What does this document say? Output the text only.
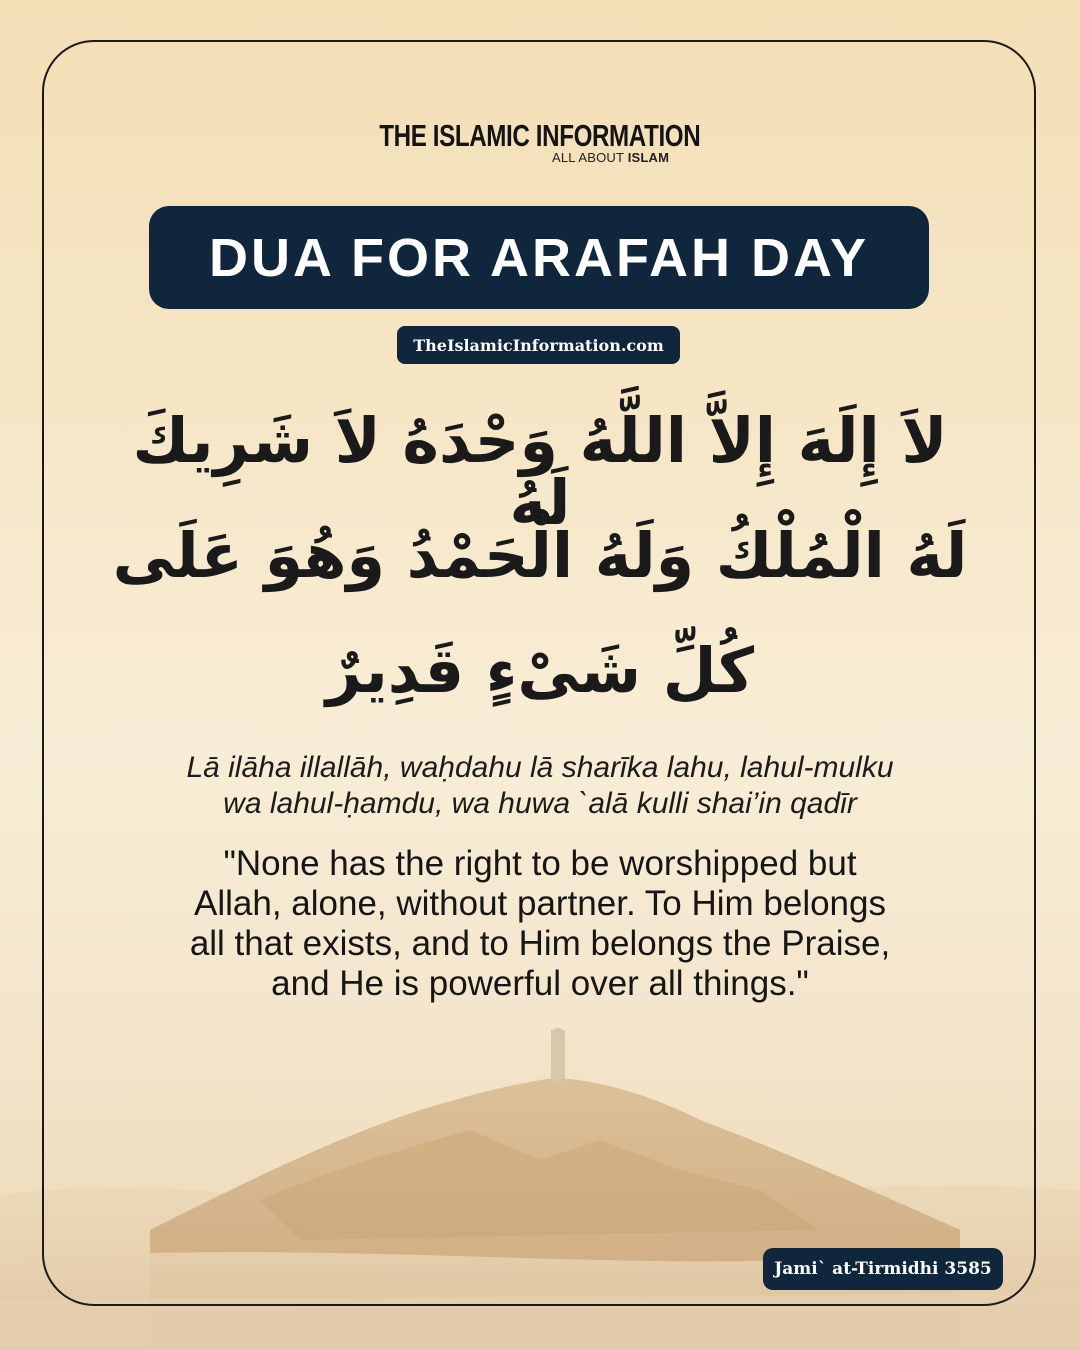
THE ISLAMIC INFORMATION
ALL ABOUT ISLAM
DUA FOR ARAFAH DAY
TheIslamicInformation.com
لاَ إِلَهَ إِلاَّ اللَّهُ وَحْدَهُ لاَ شَرِيكَ لَهُ
لَهُ الْمُلْكُ وَلَهُ الْحَمْدُ وَهُوَ عَلَى
كُلِّ شَىْءٍ قَدِيرٌ
Lā ilāha illallāh, waḥdahu lā sharīka lahu, lahul-mulku
wa lahul-ḥamdu, wa huwa `alā kulli shai’in qadīr
"None has the right to be worshipped but
Allah, alone, without partner. To Him belongs
all that exists, and to Him belongs the Praise,
and He is powerful over all things."
Jami` at-Tirmidhi 3585
